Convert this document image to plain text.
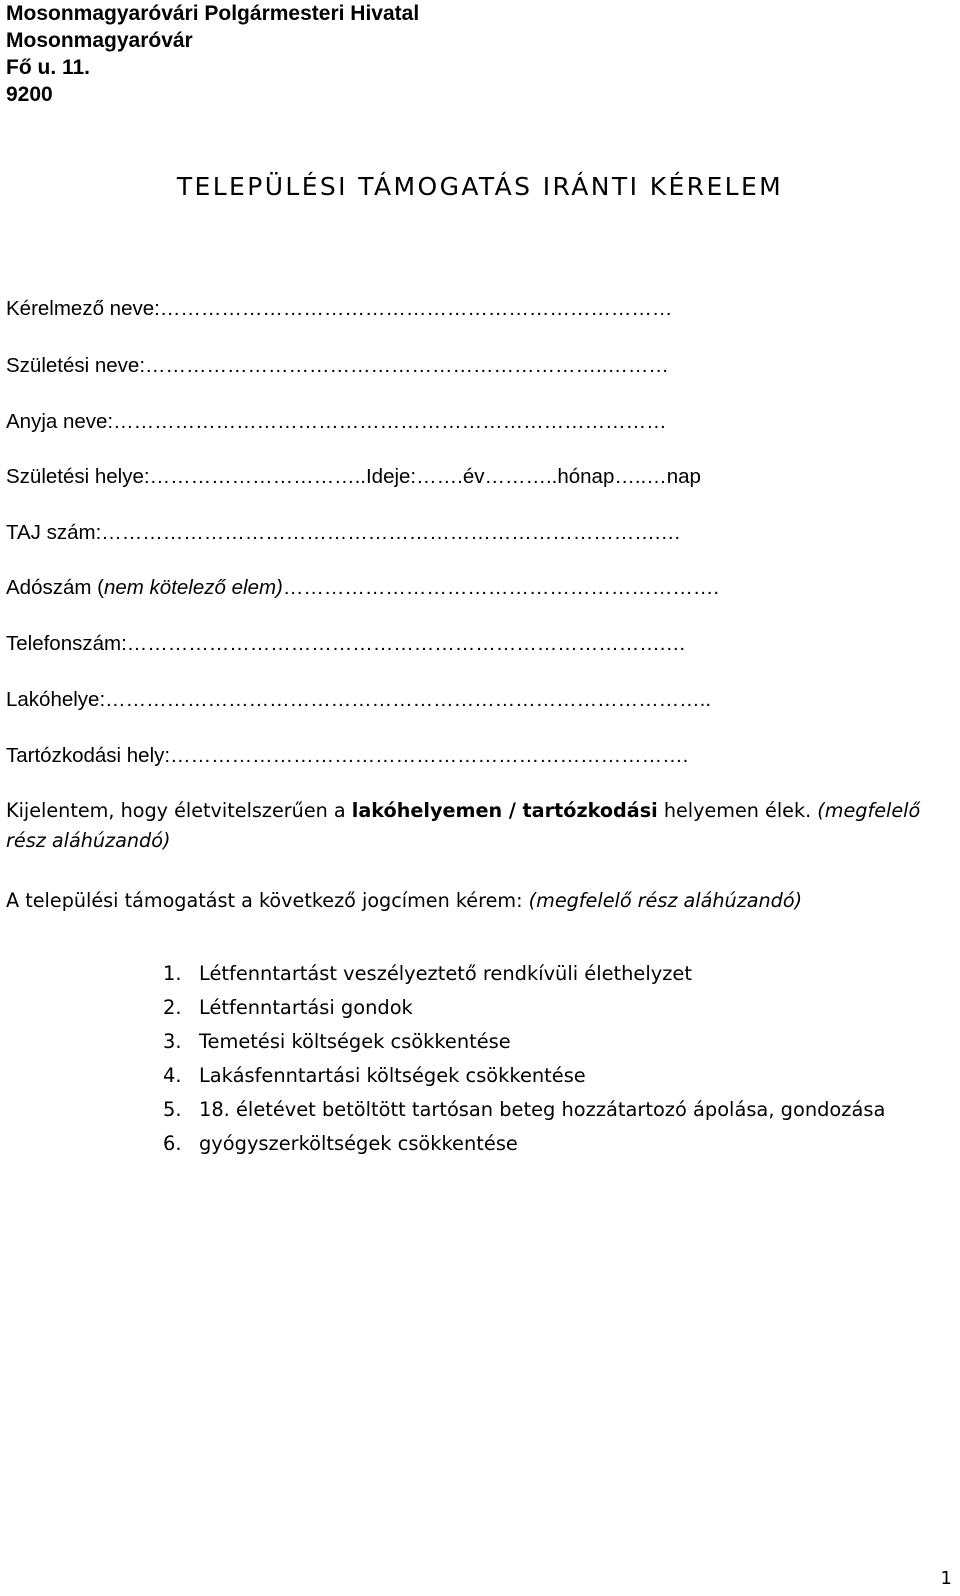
Mosonmagyaróvári Polgármesteri Hivatal
Mosonmagyaróvár
Fő u. 11.
9200
TELEPÜLÉSI TÁMOGATÁS IRÁNTI KÉRELEM
Kérelmező neve:…………………………………………………………………
Születési neve:…………………………………………………………..………
Anyja neve:………………………………………………………………………
Születési helye:…………………………..Ideje:…….év………..hónap…..…nap
TAJ szám:……………………………………………………………………….…
Adószám (nem kötelező elem)……………………………………………………….
Telefonszám:…………………………………………………………………….…
Lakóhelye:……………………………………………………………………………..
Tartózkodási hely:………………………………………………………………….
Kijelentem, hogy életvitelszerűen a lakóhelyemen / tartózkodási helyemen élek. (megfelelő
rész aláhúzandó)
A települési támogatást a következő jogcímen kérem: (megfelelő rész aláhúzandó)
1. Létfenntartást veszélyeztető rendkívüli élethelyzet
2. Létfenntartási gondok
3. Temetési költségek csökkentése
4. Lakásfenntartási költségek csökkentése
5. 18. életévet betöltött tartósan beteg hozzátartozó ápolása, gondozása
6. gyógyszerköltségek csökkentése
1
